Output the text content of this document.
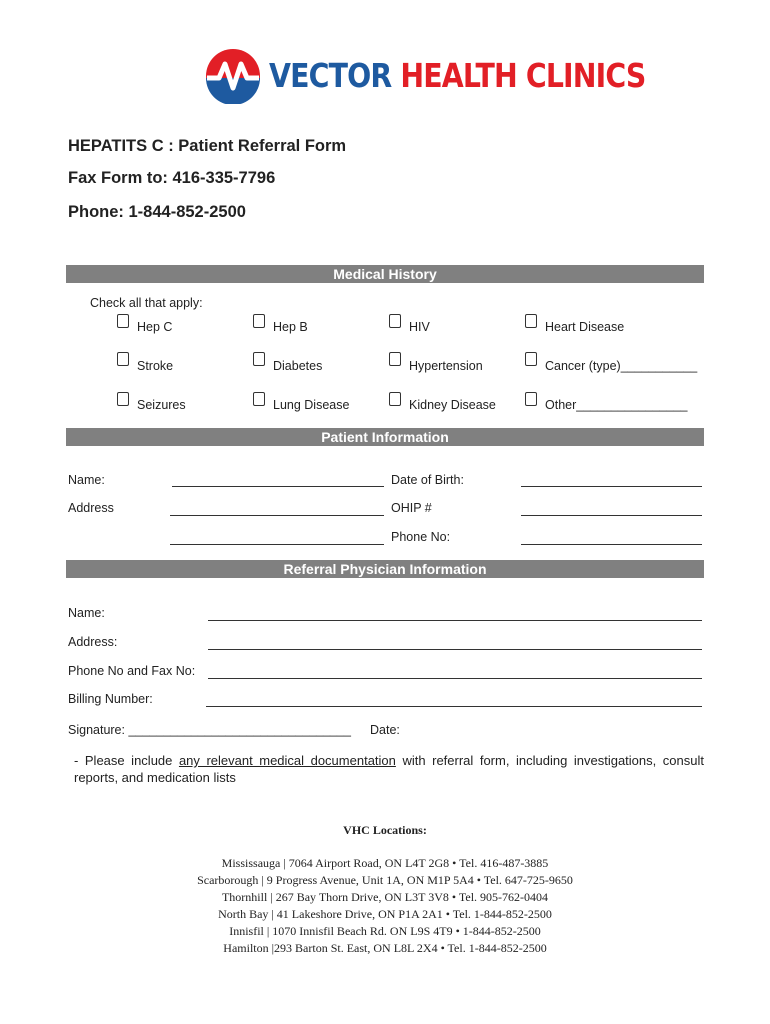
VECTOR HEALTH CLINICS
HEPATITS C : Patient Referral Form
Fax Form to: 416-335-7796
Phone: 1-844-852-2500
Medical History
Check all that apply:
Hep C	Hep B	HIV	Heart Disease
Stroke	Diabetes	Hypertension	Cancer (type)___________
Seizures	Lung Disease	Kidney Disease	Other________________
Patient Information
Name:	Date of Birth:
Address	OHIP #
Phone No:
Referral Physician Information
Name:
Address:
Phone No and Fax No:
Billing Number:
Signature: ________________________________ Date:
- Please include any relevant medical documentation with referral form, including investigations, consult reports, and medication lists
VHC Locations:
Mississauga | 7064 Airport Road, ON L4T 2G8 • Tel. 416-487-3885
Scarborough | 9 Progress Avenue, Unit 1A, ON M1P 5A4 • Tel. 647-725-9650
Thornhill | 267 Bay Thorn Drive, ON L3T 3V8 • Tel. 905-762-0404
North Bay | 41 Lakeshore Drive, ON P1A 2A1 • Tel. 1-844-852-2500
Innisfil | 1070 Innisfil Beach Rd. ON L9S 4T9 • 1-844-852-2500
Hamilton |293 Barton St. East, ON L8L 2X4 • Tel. 1-844-852-2500
